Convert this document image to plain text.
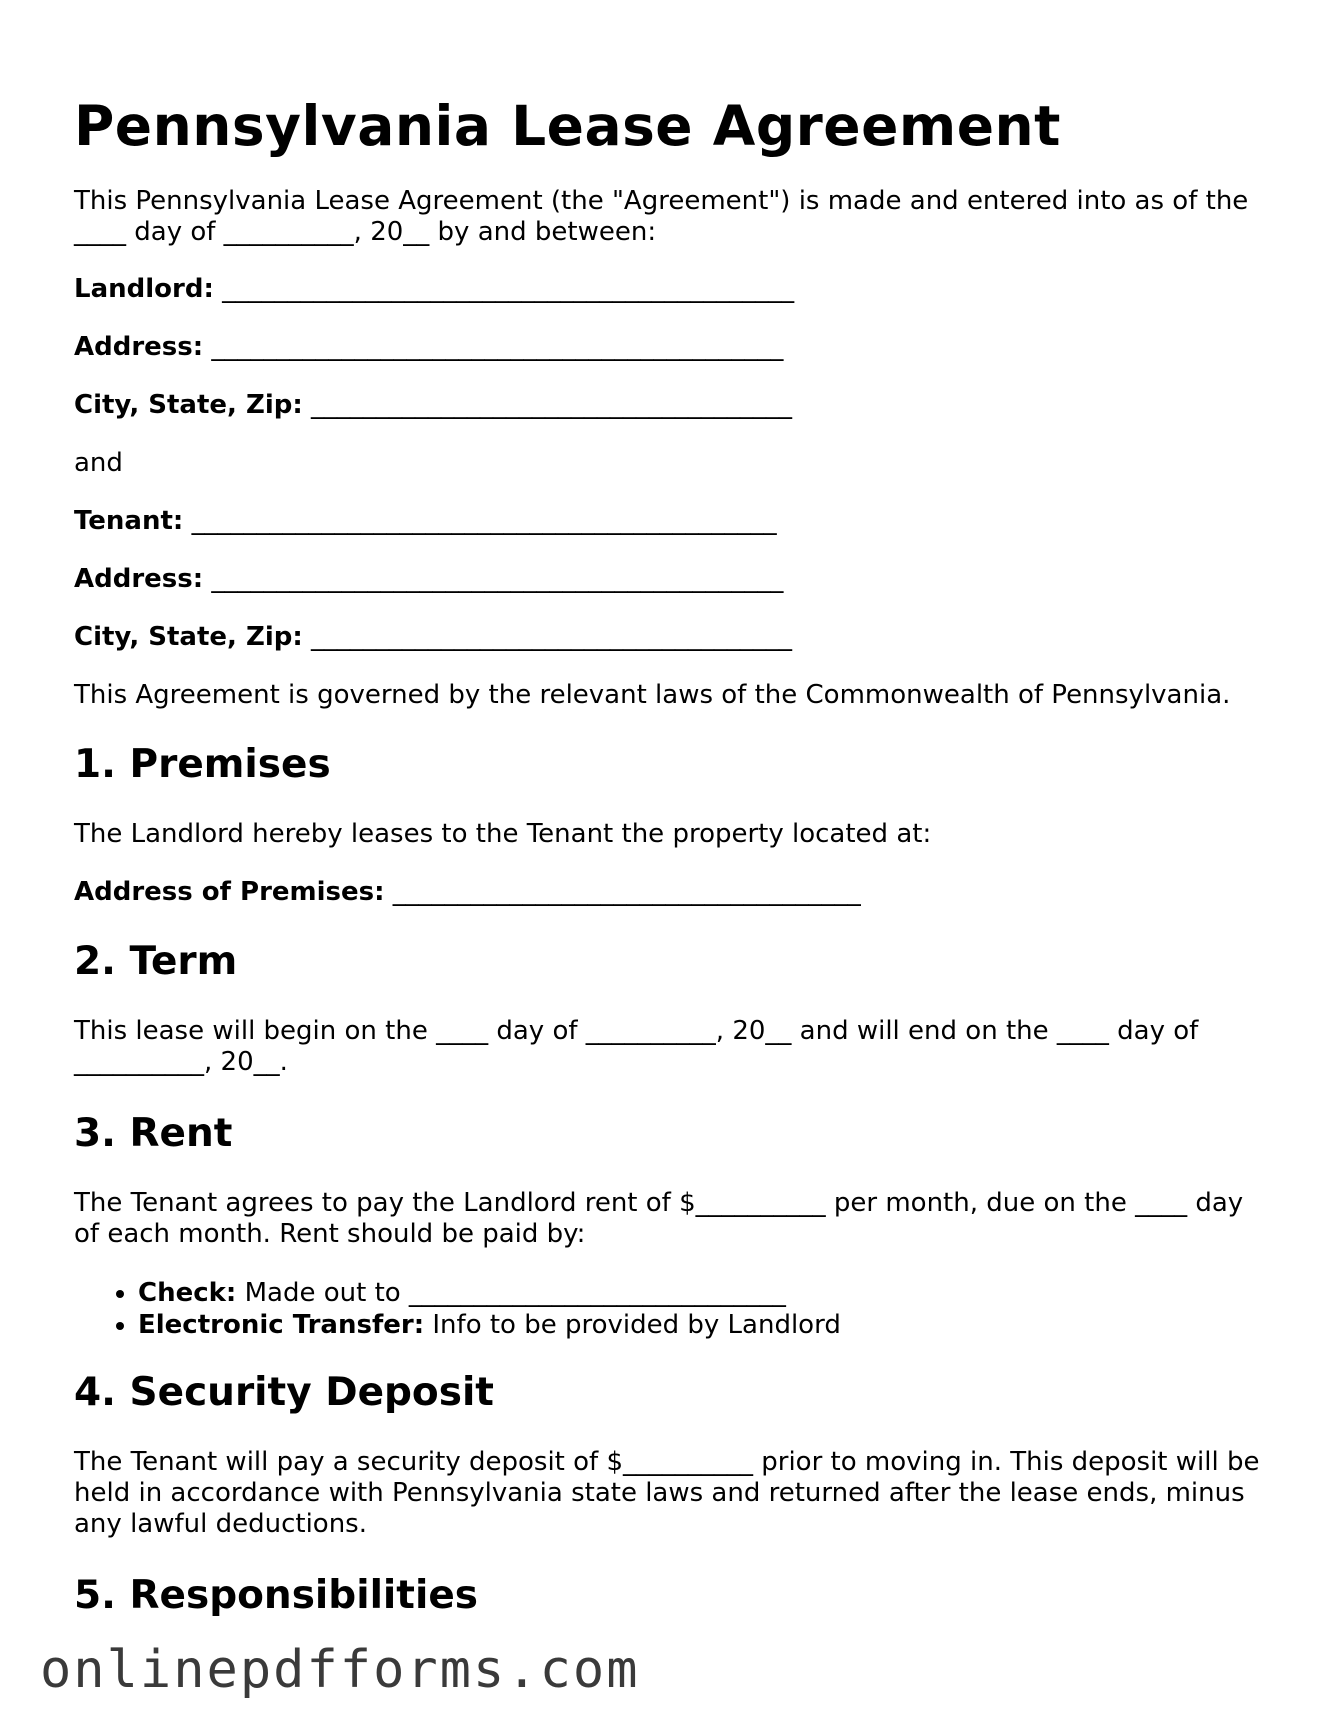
Pennsylvania Lease Agreement

This Pennsylvania Lease Agreement (the "Agreement") is made and entered into as of the ____ day of __________, 20__ by and between:

Landlord: ____________________________________________
Address: ____________________________________________
City, State, Zip: _____________________________________

and

Tenant: _____________________________________________
Address: ____________________________________________
City, State, Zip: _____________________________________

This Agreement is governed by the relevant laws of the Commonwealth of Pennsylvania.

1. Premises

The Landlord hereby leases to the Tenant the property located at:

Address of Premises: ____________________________________
2. Term

This lease will begin on the ____ day of __________, 20__ and will end on the ____ day of __________, 20__.

3. Rent

The Tenant agrees to pay the Landlord rent of $__________ per month, due on the ____ day of each month. Rent should be paid by:

• Check: Made out to _____________________________
• Electronic Transfer: Info to be provided by Landlord
4. Security Deposit

The Tenant will pay a security deposit of $__________ prior to moving in. This deposit will be held in accordance with Pennsylvania state laws and returned after the lease ends, minus any lawful deductions.

5. Responsibilities
onlinepdfforms.com
